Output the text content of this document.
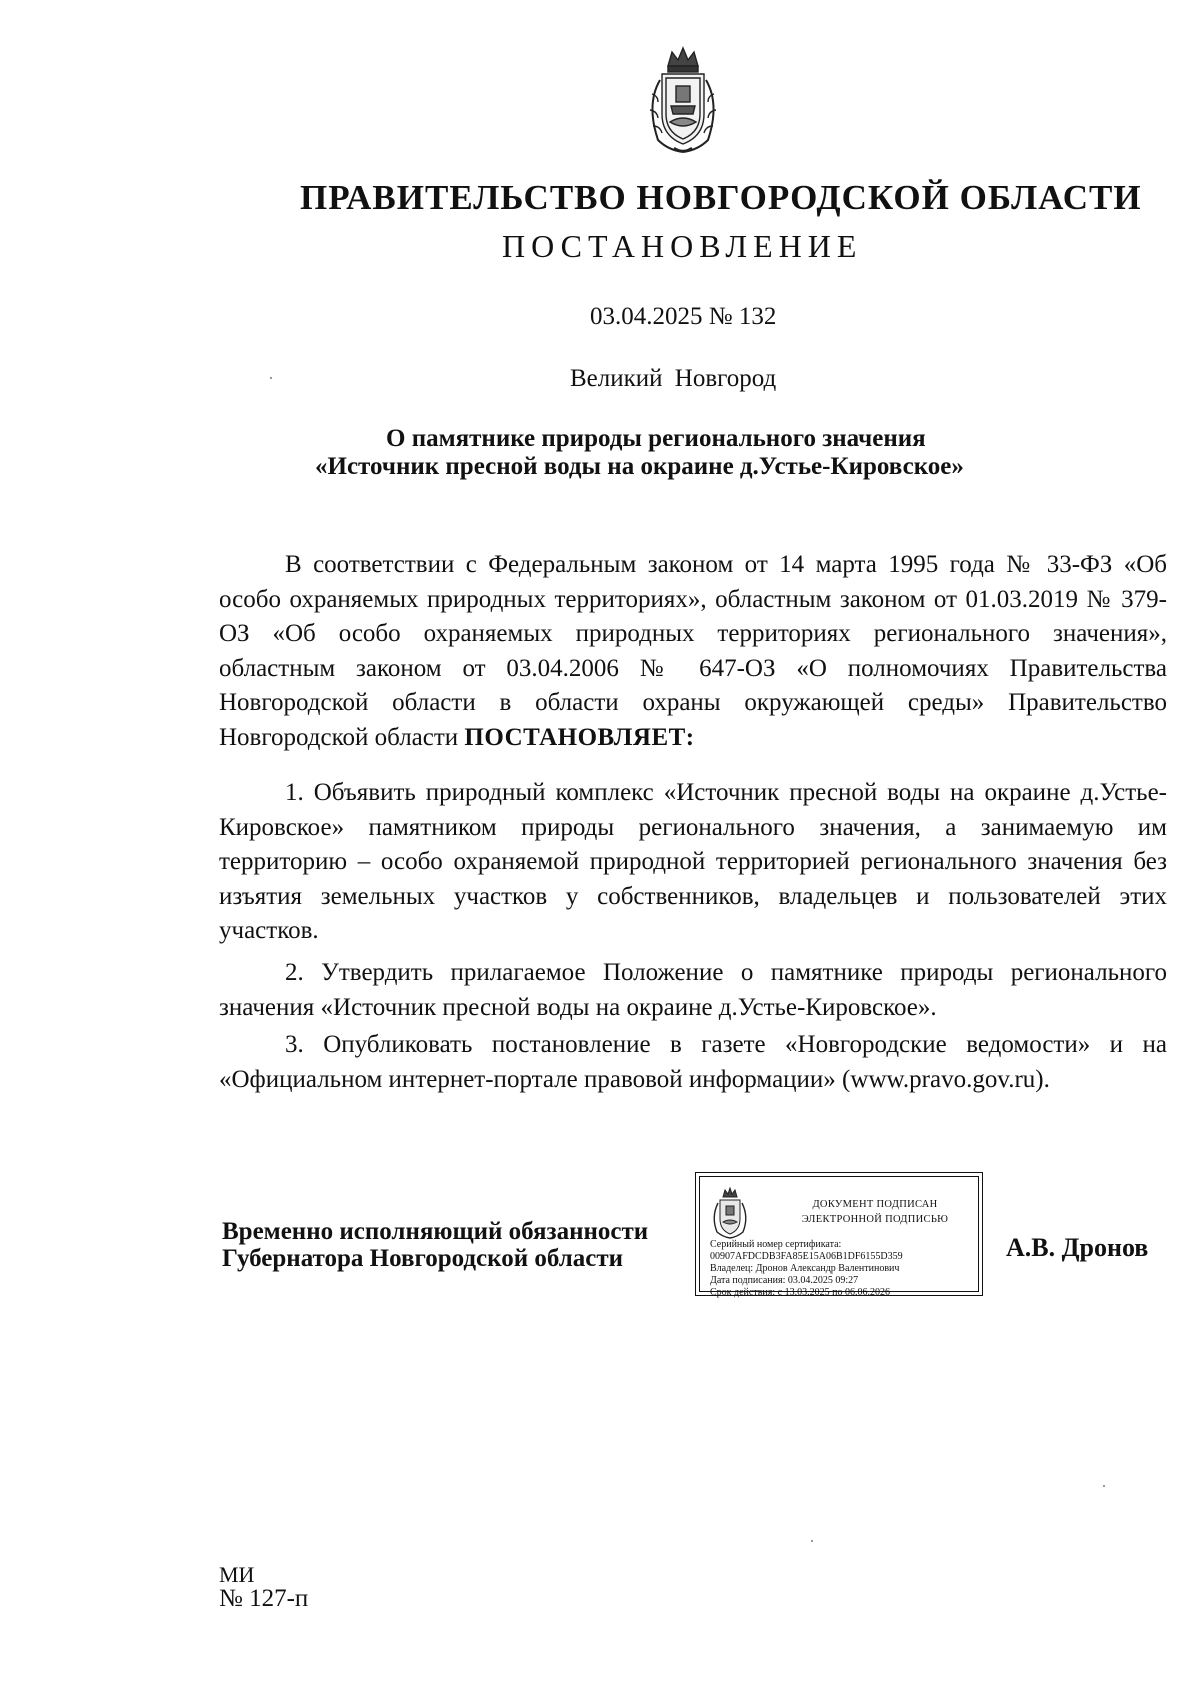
ПРАВИТЕЛЬСТВО НОВГОРОДСКОЙ ОБЛАСТИ
ПОСТАНОВЛЕНИЕ
03.04.2025 № 132
Великий Новгород
О памятнике природы регионального значения
«Источник пресной воды на окраине д.Устье-Кировское»
В соответствии с Федеральным законом от 14 марта 1995 года № 33-ФЗ «Об особо охраняемых природных территориях», областным законом от 01.03.2019 № 379-ОЗ «Об особо охраняемых природных территориях регионального значения», областным законом от 03.04.2006 № 647-ОЗ «О полномочиях Правительства Новгородской области в области охраны окружающей среды» Правительство Новгородской области ПОСТАНОВЛЯЕТ:
1. Объявить природный комплекс «Источник пресной воды на окраине д.Устье-Кировское» памятником природы регионального значения, а занимаемую им территорию – особо охраняемой природной территорией регионального значения без изъятия земельных участков у собственников, владельцев и пользователей этих участков.
2. Утвердить прилагаемое Положение о памятнике природы регионального значения «Источник пресной воды на окраине д.Устье-Кировское».
3. Опубликовать постановление в газете «Новгородские ведомости» и на «Официальном интернет-портале правовой информации» (www.pravo.gov.ru).
Временно исполняющий обязанности
Губернатора Новгородской области
ДОКУМЕНТ ПОДПИСАН
ЭЛЕКТРОННОЙ ПОДПИСЬЮ
Серийный номер сертификата:
00907AFDCDB3FA85E15A06B1DF6155D359
Владелец: Дронов Александр Валентинович
Дата подписания: 03.04.2025 09:27
Срок действия: с 13.03.2025 по 06.06.2026
А.В. Дронов
МИ
№ 127-п
